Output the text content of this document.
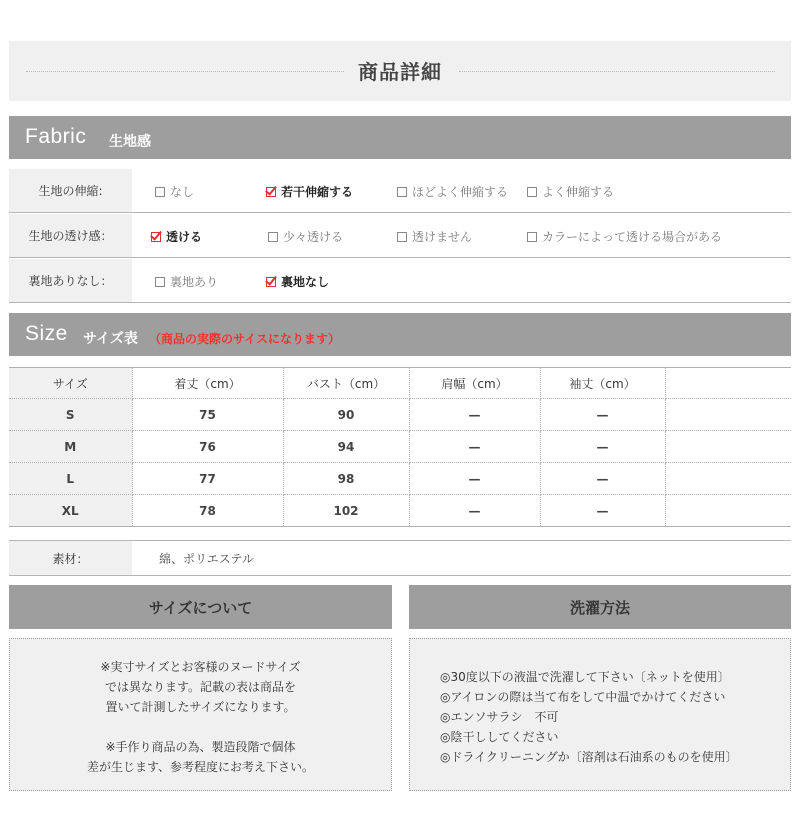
商品詳細
Fabric 生地感
生地の伸縮:	なし	若干伸縮する	ほどよく伸縮する	よく伸縮する
生地の透け感：	透ける	少々透ける	透けません	カラーによって透ける場合がある
裏地ありなし：	裏地あり	裏地なし
Size サイズ表 （商品の実際のサイスになります）
サイズ	着丈（cm）	バスト（cm）	肩幅（cm）	袖丈（cm）	
S	75	90	—	—	
M	76	94	—	—	
L	77	98	—	—	
XL	78	102	—	—	
素材：	綿、ポリエステル
サイズについて

※実寸サイズとお客様のヌードサイズ

では異なります。記載の表は商品を

置いて計測したサイズになります。

※手作り商品の為、製造段階で個体

差が生じます、参考程度にお考え下さい。

洗濯方法

◎30度以下の液温で洗濯して下さい〔ネットを使用〕

◎アイロンの際は当て布をして中温でかけてください

◎エンソサラシ　不可

◎陰干ししてください

◎ドライクリーニングか〔溶剤は石油系のものを使用〕
